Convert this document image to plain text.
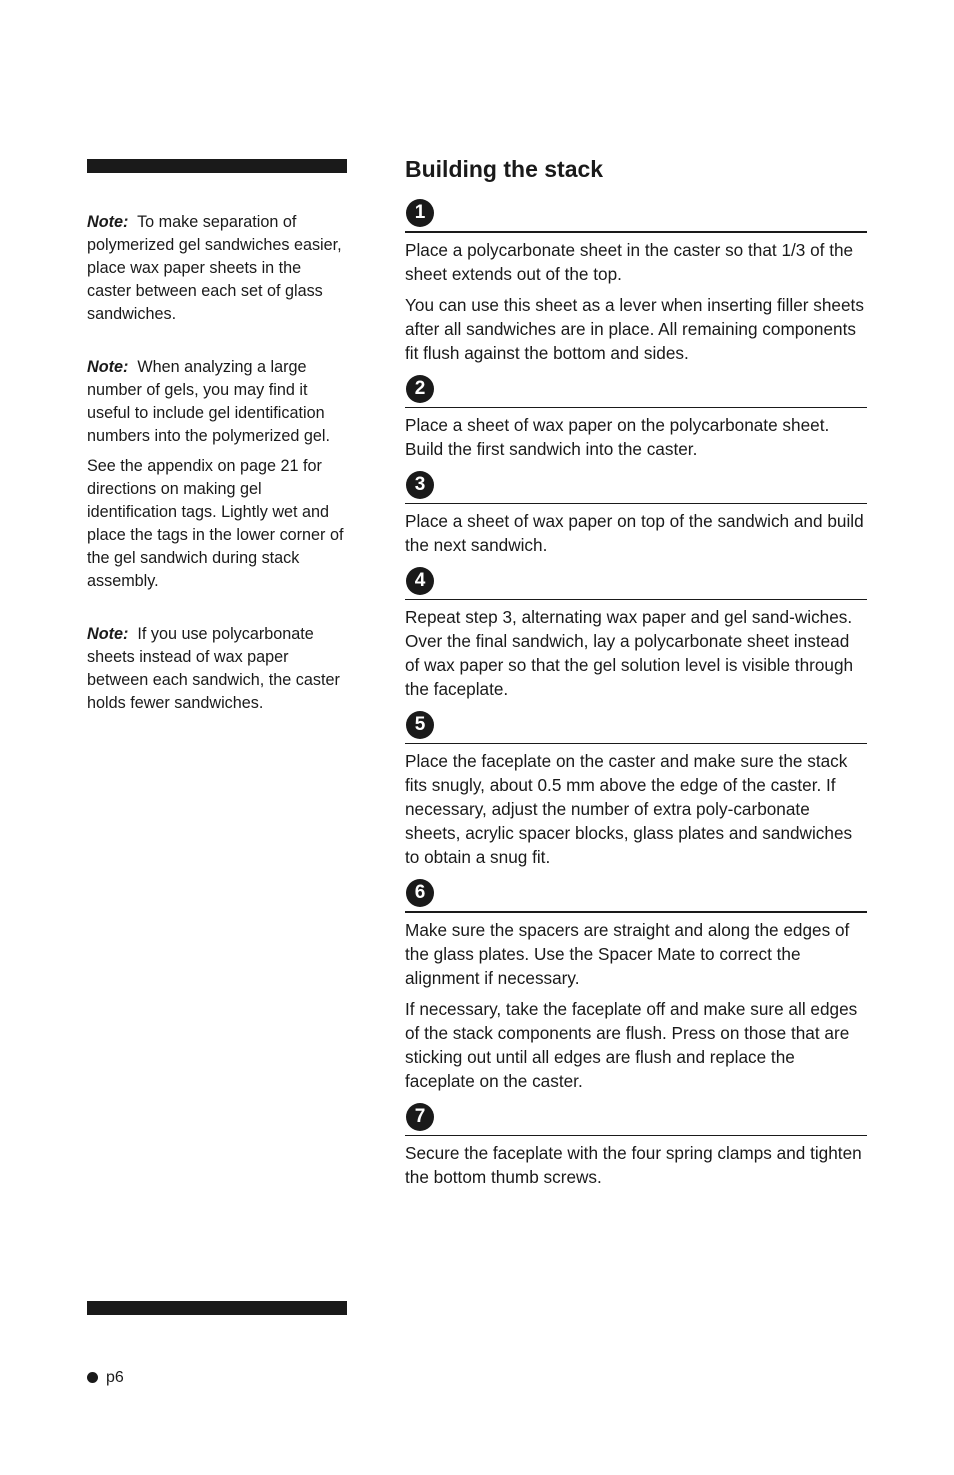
Note: To make separation of polymerized gel sandwiches easier, place wax paper sheets in the caster between each set of glass sandwiches.

Note: When analyzing a large number of gels, you may find it useful to include gel identification numbers into the polymerized gel.

See the appendix on page 21 for directions on making gel identification tags. Lightly wet and place the tags in the lower corner of the gel sandwich during stack assembly.

Note: If you use polycarbonate sheets instead of wax paper between each sandwich, the caster holds fewer sandwiches.

Building the stack
1

Place a polycarbonate sheet in the caster so that 1/3 of the sheet extends out of the top.

You can use this sheet as a lever when inserting filler sheets after all sandwiches are in place. All remaining components fit flush against the bottom and sides.

2

Place a sheet of wax paper on the polycarbonate sheet. Build the first sandwich into the caster.

3

Place a sheet of wax paper on top of the sandwich and build the next sandwich.

4

Repeat step 3, alternating wax paper and gel sand-wiches. Over the final sandwich, lay a polycarbonate sheet instead of wax paper so that the gel solution level is visible through the faceplate.

5

Place the faceplate on the caster and make sure the stack fits snugly, about 0.5 mm above the edge of the caster. If necessary, adjust the number of extra poly-carbonate sheets, acrylic spacer blocks, glass plates and sandwiches to obtain a snug fit.

6

Make sure the spacers are straight and along the edges of the glass plates. Use the Spacer Mate to correct the alignment if necessary.

If necessary, take the faceplate off and make sure all edges of the stack components are flush. Press on those that are sticking out until all edges are flush and replace the faceplate on the caster.

7

Secure the faceplate with the four spring clamps and tighten the bottom thumb screws.

p6
